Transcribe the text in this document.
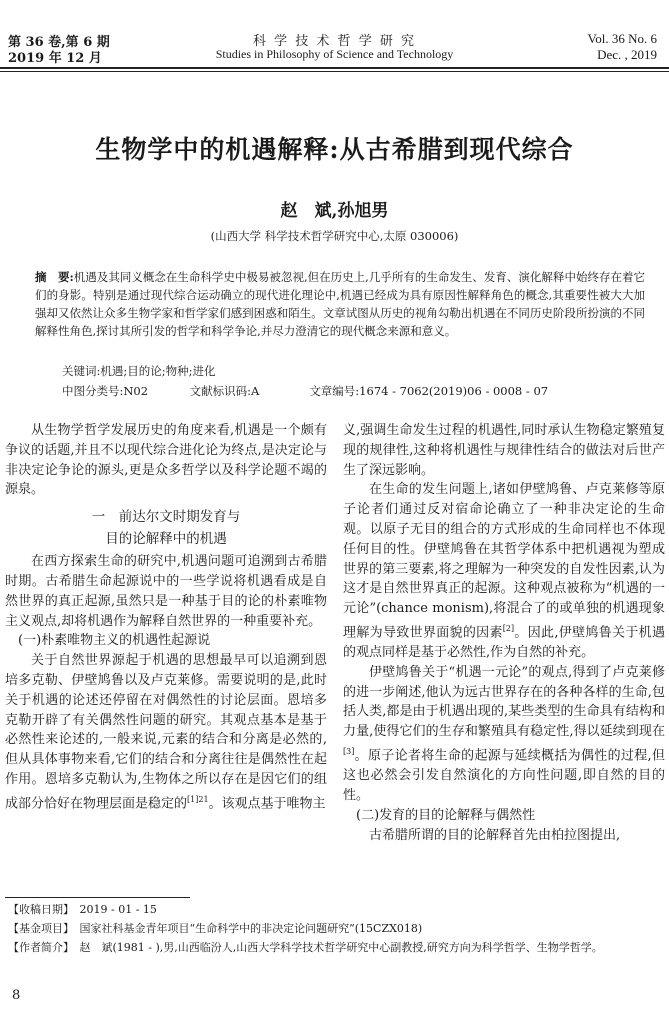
第 36 卷,第 6 期
2019 年 12 月
科 学 技 术 哲 学 研 究
Studies in Philosophy of Science and Technology
Vol. 36 No. 6
Dec. , 2019
生物学中的机遇解释:从古希腊到现代综合
赵　斌,孙旭男
(山西大学 科学技术哲学研究中心,太原 030006)
摘　要:机遇及其同义概念在生命科学史中极易被忽视,但在历史上,几乎所有的生命发生、发育、演化解释中始终存在着它们的身影。特别是通过现代综合运动确立的现代进化理论中,机遇已经成为具有原因性解释角色的概念,其重要性被大大加强却又依然让众多生物学家和哲学家们感到困惑和陌生。文章试图从历史的视角勾勒出机遇在不同历史阶段所扮演的不同解释性角色,探讨其所引发的哲学和科学争论,并尽力澄清它的现代概念来源和意义。
关键词:机遇;目的论;物种;进化
中图分类号:N02	文献标识码:A	文章编号:1674 - 7062(2019)06 - 0008 - 07

从生物学哲学发展历史的角度来看,机遇是一个颇有争议的话题,并且不以现代综合进化论为终点,是决定论与非决定论争论的源头,更是众多哲学以及科学论题不竭的源泉。

一　前达尔文时期发育与
目的论解释中的机遇

在西方探索生命的研究中,机遇问题可追溯到古希腊时期。古希腊生命起源说中的一些学说将机遇看成是自然世界的真正起源,虽然只是一种基于目的论的朴素唯物主义观点,却将机遇作为解释自然世界的一种重要补充。

(一)朴素唯物主义的机遇性起源说

关于自然世界源起于机遇的思想最早可以追溯到恩培多克勒、伊壁鸠鲁以及卢克莱修。需要说明的是,此时关于机遇的论述还停留在对偶然性的讨论层面。恩培多克勒开辟了有关偶然性问题的研究。其观点基本是基于必然性来论述的,一般来说,元素的结合和分离是必然的,但从具体事物来看,它们的结合和分离往往是偶然性在起作用。恩培多克勒认为,生物体之所以存在是因它们的组成部分恰好在物理层面是稳定的$^{[1]21}$。该观点基于唯物主

义,强调生命发生过程的机遇性,同时承认生物稳定繁殖复现的规律性,这种将机遇性与规律性结合的做法对后世产生了深远影响。

在生命的发生问题上,诸如伊壁鸠鲁、卢克莱修等原子论者们通过反对宿命论确立了一种非决定论的生命观。以原子无目的组合的方式形成的生命同样也不体现任何目的性。伊壁鸠鲁在其哲学体系中把机遇视为塑成世界的第三要素,将之理解为一种突发的自发性因素,认为这才是自然世界真正的起源。这种观点被称为“机遇的一元论”(chance monism),将混合了的或单独的机遇现象理解为导致世界面貌的因素[2]。因此,伊壁鸠鲁关于机遇的观点同样是基于必然性,作为自然的补充。

伊壁鸠鲁关于“机遇一元论”的观点,得到了卢克莱修的进一步阐述,他认为远古世界存在的各种各样的生命,包括人类,都是由于机遇出现的,某些类型的生命具有结构和力量,使得它们的生存和繁殖具有稳定性,得以延续到现在[3]。原子论者将生命的起源与延续概括为偶性的过程,但这也必然会引发自然演化的方向性问题,即自然的目的性。

(二)发育的目的论解释与偶然性

古希腊所谓的目的论解释首先由柏拉图提出,

【收稿日期】　2019 - 01 - 15
【基金项目】　国家社科基金青年项目“生命科学中的非决定论问题研究”(15CZX018)
【作者简介】　赵　斌(1981 - ),男,山西临汾人,山西大学科学技术哲学研究中心副教授,研究方向为科学哲学、生物学哲学。
8
